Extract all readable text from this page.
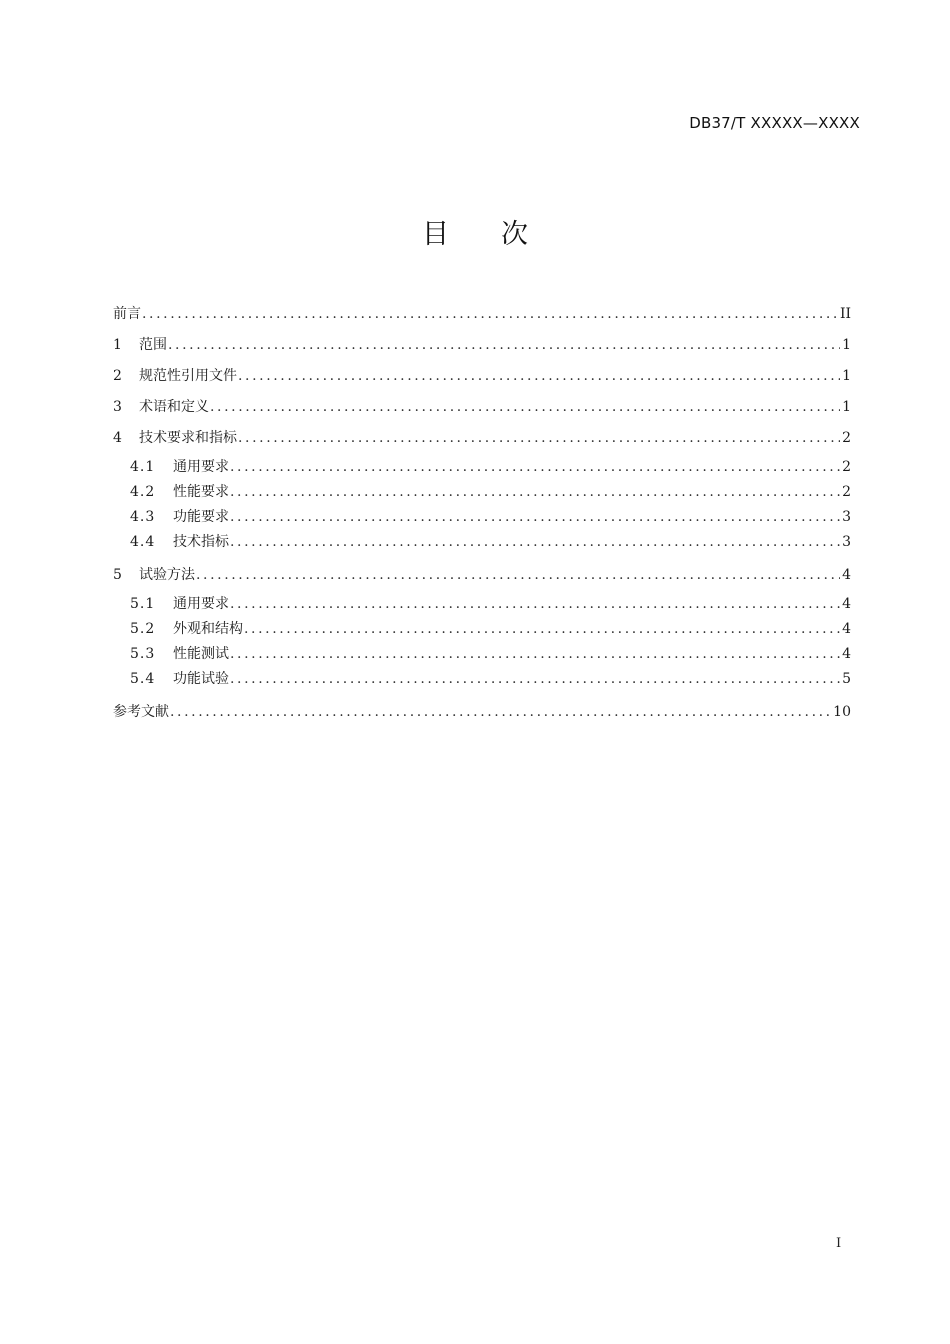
DB37/T XXXXX—XXXX
目 次
前言 .....	II
1	范围 .....	1
2	规范性引用文件 .....	1
3	术语和定义 .....	1
4	技术要求和指标 .....	2
4.1	通用要求 .....	2
4.2	性能要求 .....	2
4.3	功能要求 .....	3
4.4	技术指标 .....	3
5	试验方法 .....	4
5.1	通用要求 .....	4
5.2	外观和结构 .....	4
5.3	性能测试 .....	4
5.4	功能试验 .....	5
参考文献 .....	10
I
